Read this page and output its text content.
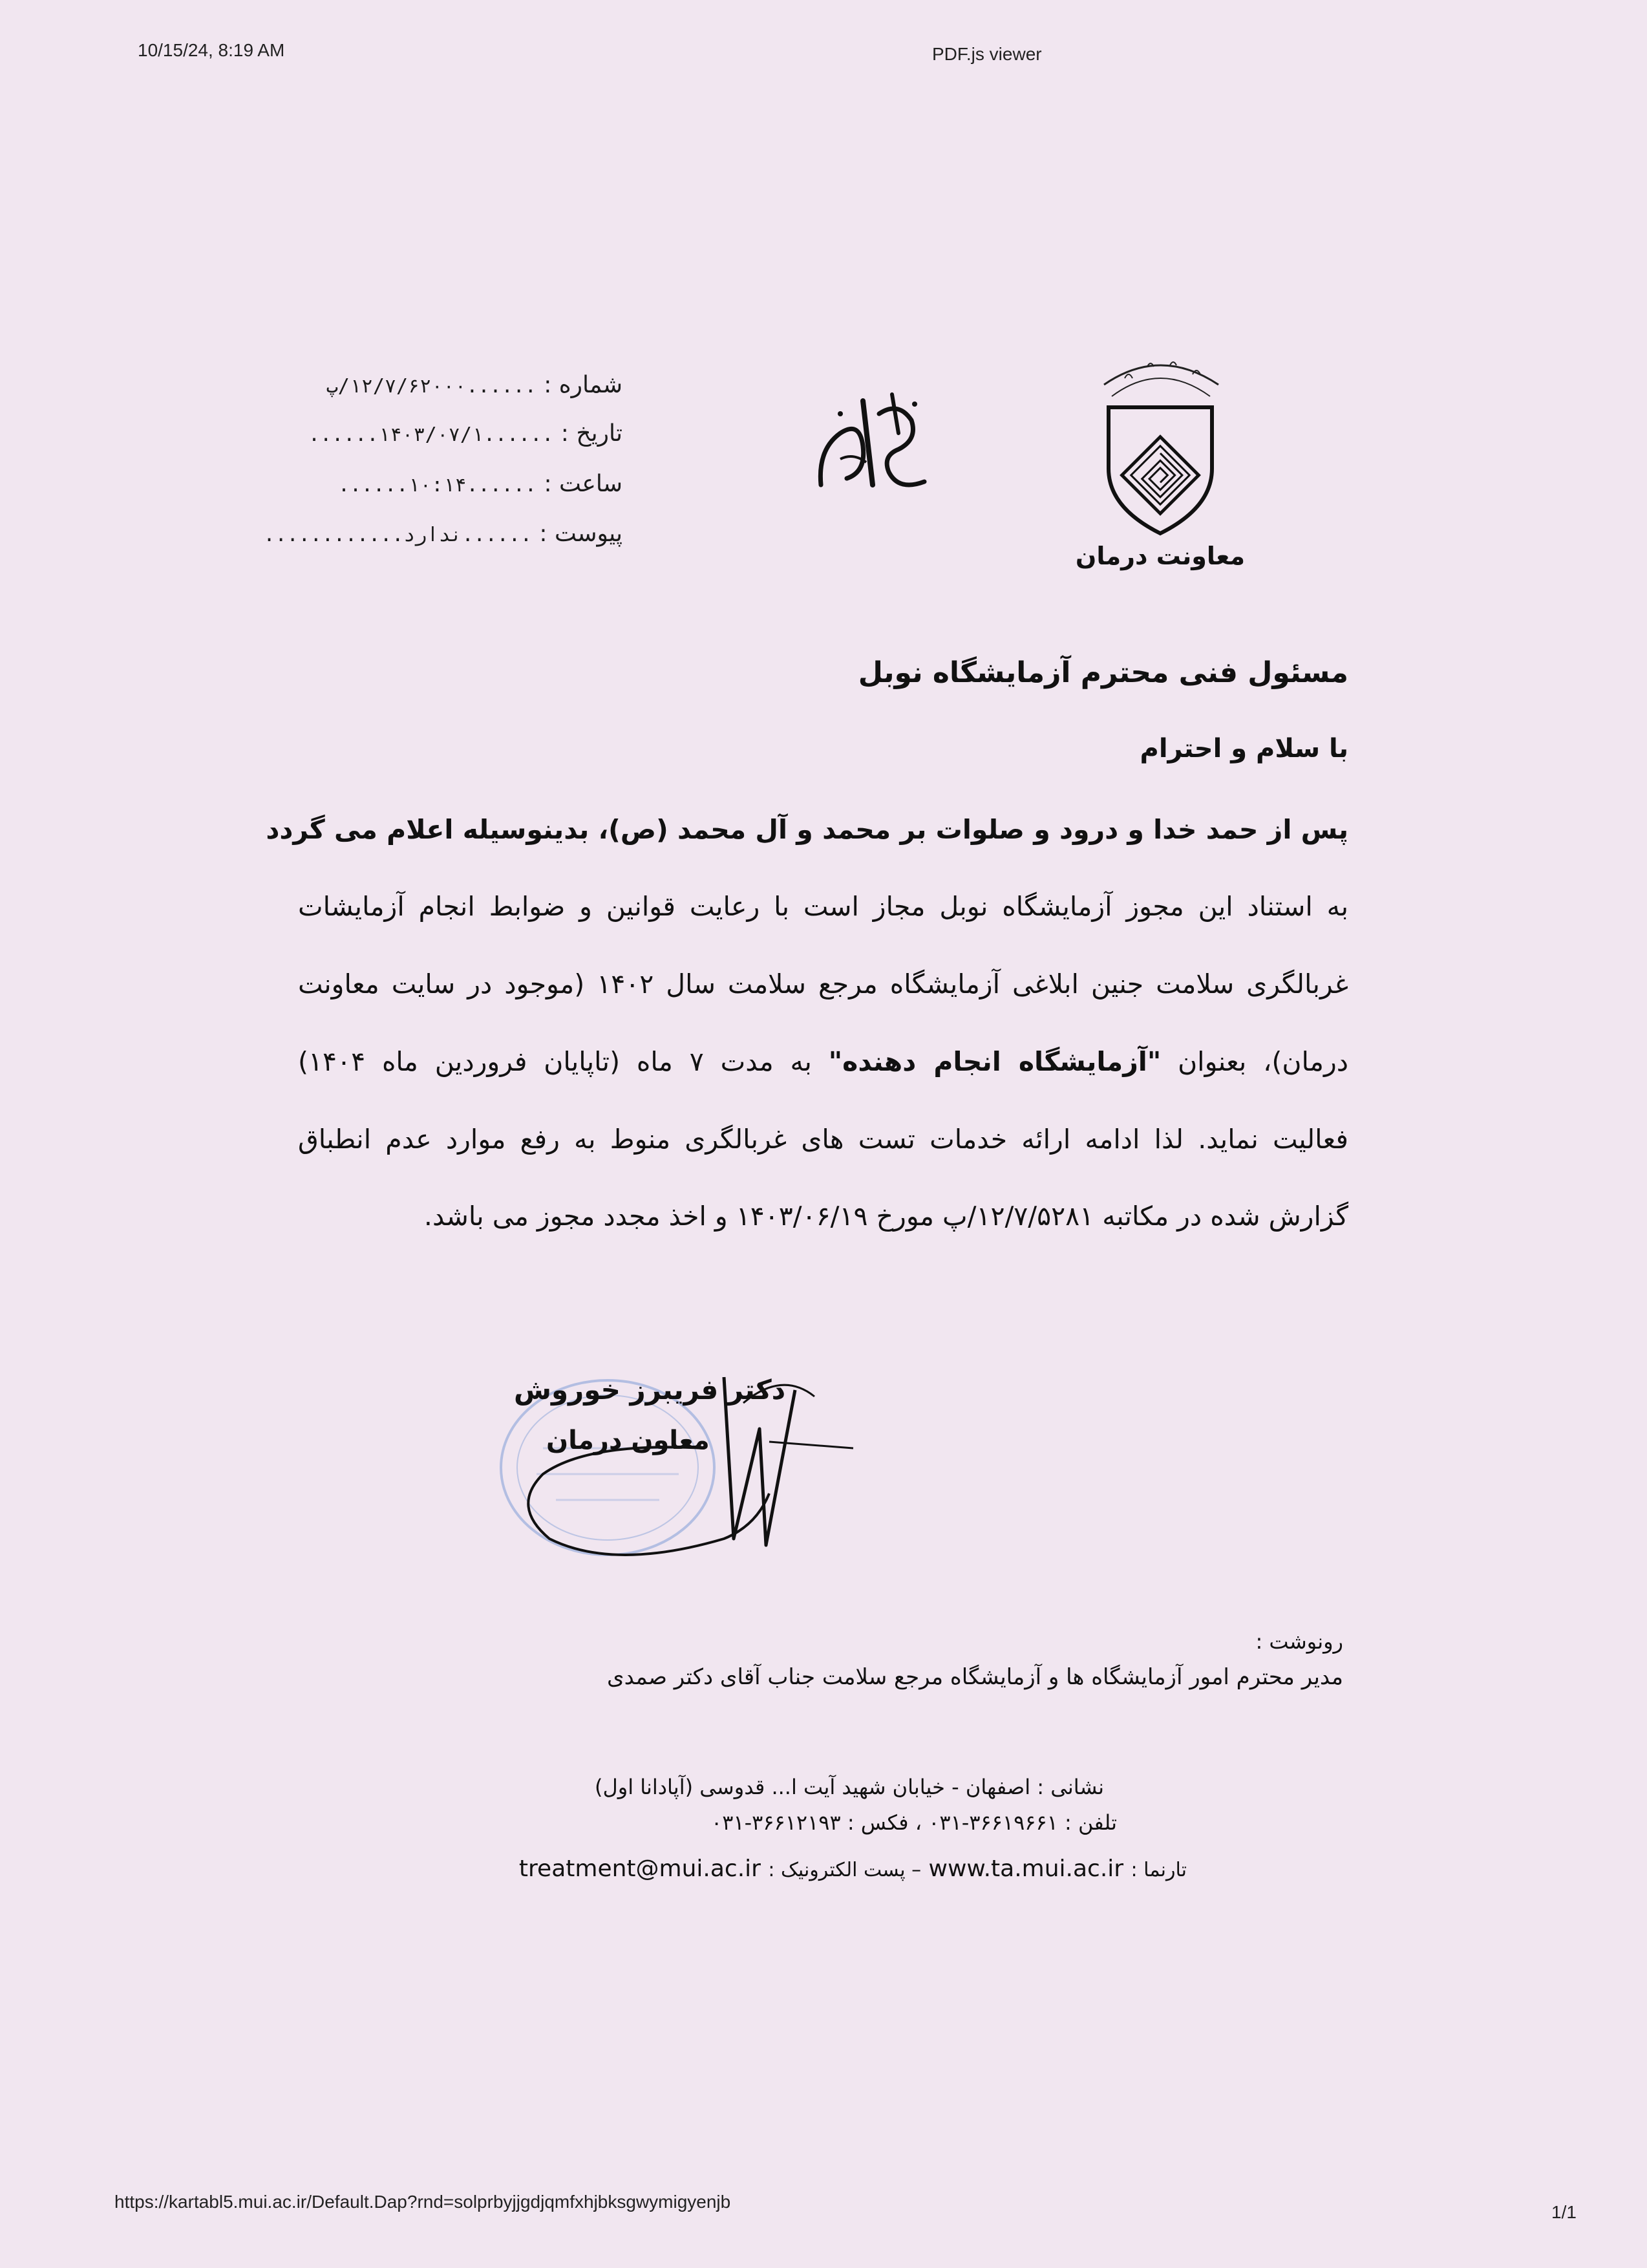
10/15/24, 8:19 AM	PDF.js viewer
معاونت درمان
شماره : ......۱۲/۷/۶۲۰۰۰/پ
تاریخ : ......۱۴۰۳/۰۷/۱......
ساعت : ......۱۰:۱۴......
پیوست : ......ندارد............
مسئول فنی محترم آزمایشگاه نوبل
با سلام و احترام
پس از حمد خدا و درود و صلوات بر محمد و آل محمد (ص)، بدینوسیله اعلام می گردد
به استناد این مجوز آزمایشگاه نوبل مجاز است با رعایت قوانین و ضوابط انجام آزمایشات
غربالگری سلامت جنین ابلاغی آزمایشگاه مرجع سلامت سال ۱۴۰۲ (موجود در سایت معاونت
درمان)، بعنوان "آزمایشگاه انجام دهنده" به مدت ۷ ماه (تاپایان فروردین ماه ۱۴۰۴)
فعالیت نماید. لذا ادامه ارائه خدمات تست های غربالگری منوط به رفع موارد عدم انطباق
گزارش شده در مکاتبه ۱۲/۷/۵۲۸۱/پ مورخ ۱۴۰۳/۰۶/۱۹ و اخذ مجدد مجوز می باشد.
دکتر فریبرز خوروش
معاون درمان
رونوشت :
مدیر محترم امور آزمایشگاه ها و آزمایشگاه مرجع سلامت جناب آقای دکتر صمدی
نشانی : اصفهان - خیابان شهید آیت ا... قدوسی (آپادانا اول)
تلفن : ۳۶۶۱۹۶۶۱-۰۳۱ ، فکس : ۳۶۶۱۲۱۹۳-۰۳۱
تارنما : www.ta.mui.ac.ir – پست الکترونیک : treatment@mui.ac.ir
https://kartabl5.mui.ac.ir/Default.Dap?rnd=solprbyjjgdjqmfxhjbksgwymigyenjb
1/1
